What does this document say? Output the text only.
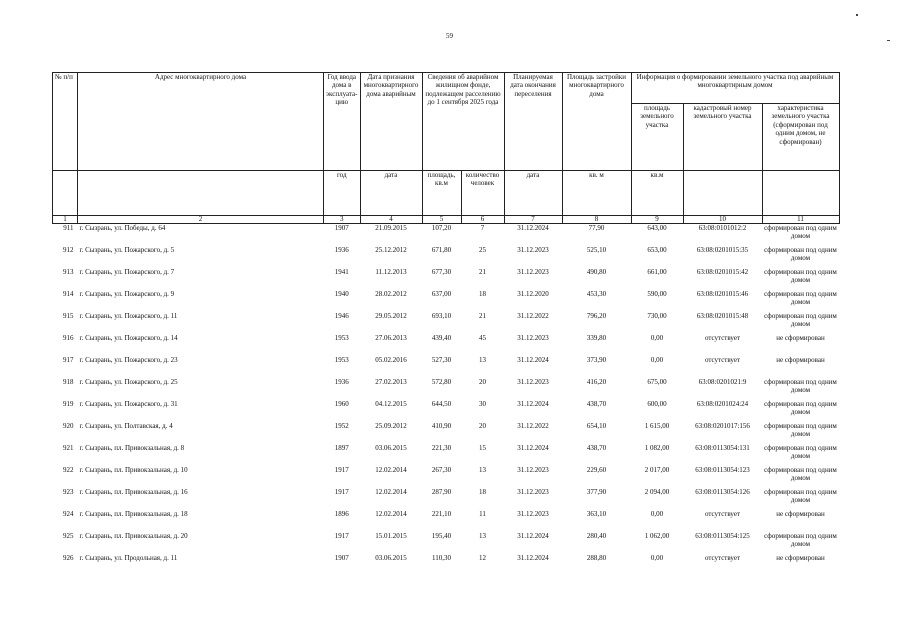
59
№ п/п	Адрес многоквартирного дома	Год ввода дома в эксплуата-цию	Дата признания многоквартирного дома аварийным	Сведения об аварийном жилищном фонде, подлежащем расселению до 1 сентября 2025 года		Планируемая дата окончания переселения	Площадь застройки многоквартирного дома	Информация о формировании земельного участка под аварийным многоквартирным домом		
								площадь земельного участка	кадастровый номер земельного участка	характеристика земельного участка (сформирован под одним домом, не сформирован)
		год	дата	площадь, кв.м	количество человек	дата	кв. м	кв.м		
1	2	3	4	5	6	7	8	9	10	11
911	г. Сызрань, ул. Победы, д. 64	1907	21.09.2015	107,20	7	31.12.2024	77,90	643,00	63:08:0101012:2	сформирован под одним домом
912	г. Сызрань, ул. Пожарского, д. 5	1936	25.12.2012	671,80	25	31.12.2023	525,10	653,00	63:08:0201015:35	сформирован под одним домом
913	г. Сызрань, ул. Пожарского, д. 7	1941	11.12.2013	677,30	21	31.12.2023	490,80	661,00	63:08:0201015:42	сформирован под одним домом
914	г. Сызрань, ул. Пожарского, д. 9	1940	28.02.2012	637,00	18	31.12.2020	453,30	590,00	63:08:0201015:46	сформирован под одним домом
915	г. Сызрань, ул. Пожарского, д. 11	1946	29.05.2012	693,10	21	31.12.2022	796,20	730,00	63:08:0201015:48	сформирован под одним домом
916	г. Сызрань, ул. Пожарского, д. 14	1953	27.06.2013	439,40	45	31.12.2023	339,80	0,00	отсутствует	не сформирован
917	г. Сызрань, ул. Пожарского, д. 23	1953	05.02.2016	527,30	13	31.12.2024	373,90	0,00	отсутствует	не сформирован
918	г. Сызрань, ул. Пожарского, д. 25	1936	27.02.2013	572,80	20	31.12.2023	416,20	675,00	63:08:0201021:9	сформирован под одним домом
919	г. Сызрань, ул. Пожарского, д. 31	1960	04.12.2015	644,50	30	31.12.2024	438,70	600,00	63:08:0201024:24	сформирован под одним домом
920	г. Сызрань, ул. Полтавская, д. 4	1952	25.09.2012	410,90	20	31.12.2022	654,10	1 615,00	63:08:0201017:156	сформирован под одним домом
921	г. Сызрань, пл. Привокзальная, д. 8	1897	03.06.2015	221,30	15	31.12.2024	438,70	1 082,00	63:08:0113054:131	сформирован под одним домом
922	г. Сызрань, пл. Привокзальная, д. 10	1917	12.02.2014	267,30	13	31.12.2023	229,60	2 017,00	63:08:0113054:123	сформирован под одним домом
923	г. Сызрань, пл. Привокзальная, д. 16	1917	12.02.2014	287,90	18	31.12.2023	377,90	2 094,00	63:08:0113054:126	сформирован под одним домом
924	г. Сызрань, пл. Привокзальная, д. 18	1896	12.02.2014	221,10	11	31.12.2023	363,10	0,00	отсутствует	не сформирован
925	г. Сызрань, пл. Привокзальная, д. 20	1917	15.01.2015	195,40	13	31.12.2024	280,40	1 062,00	63:08:0113054:125	сформирован под одним домом
926	г. Сызрань, ул. Продольная, д. 11	1907	03.06.2015	110,30	12	31.12.2024	288,80	0,00	отсутствует	не сформирован
